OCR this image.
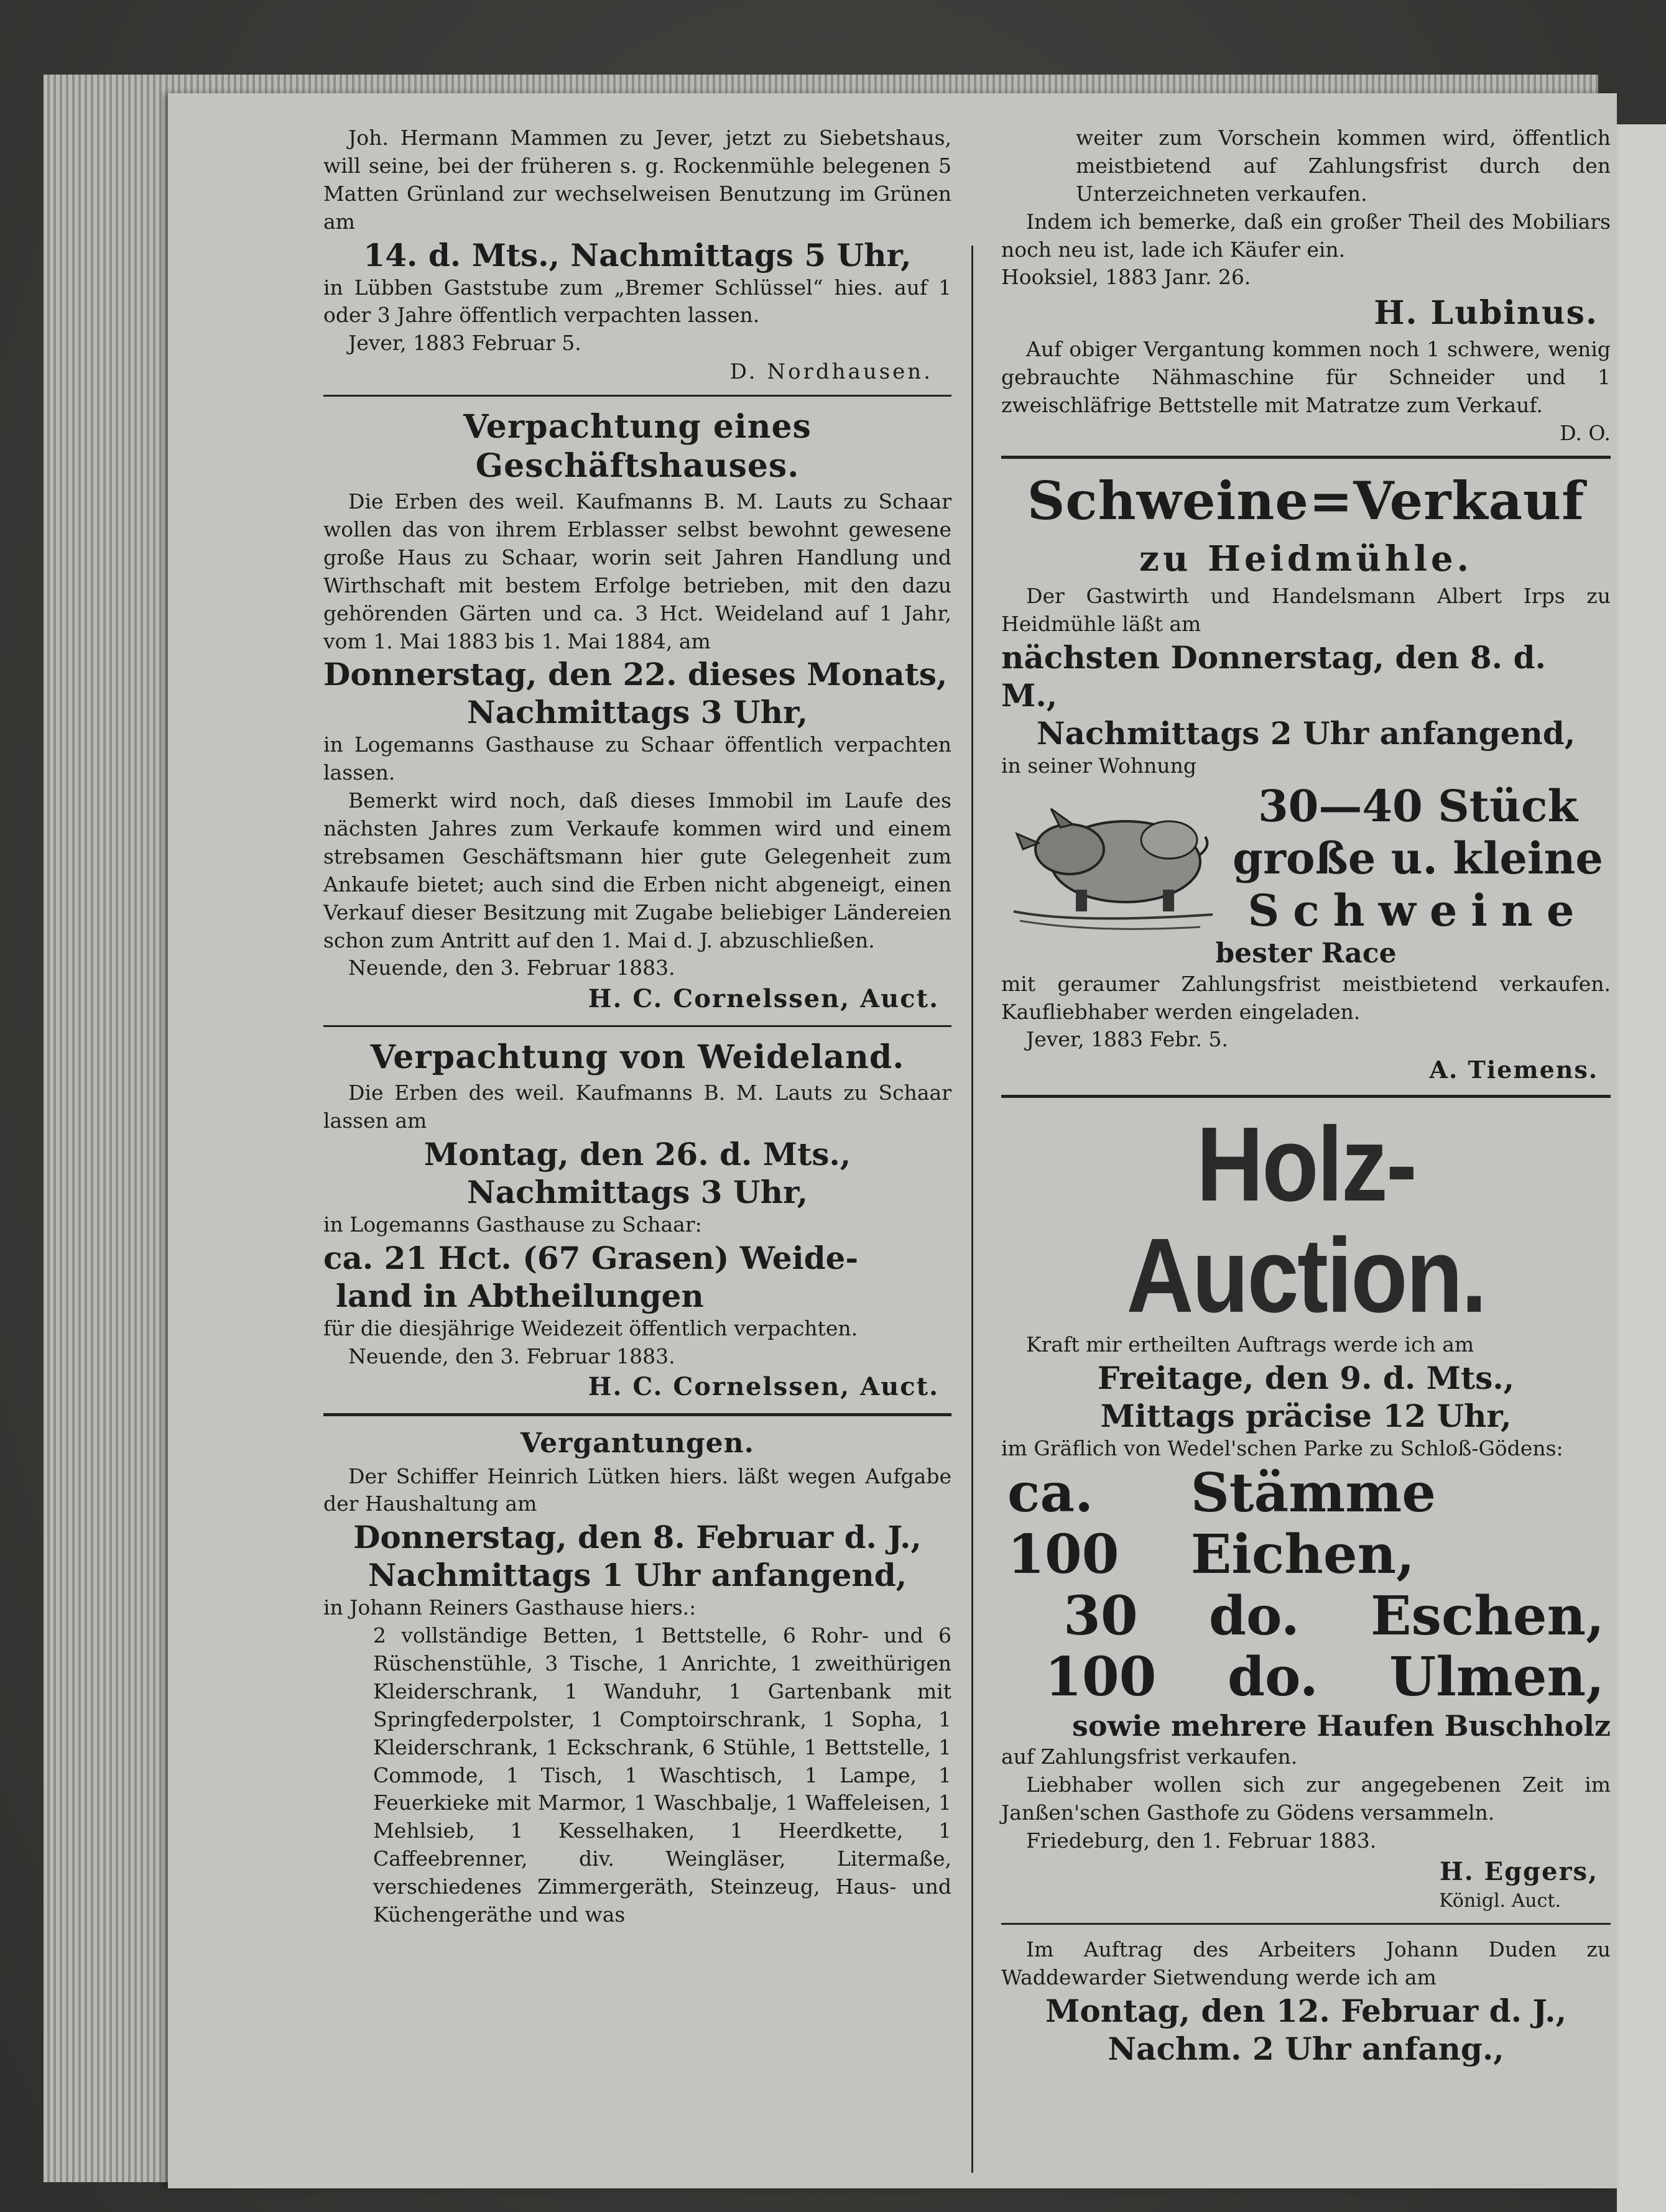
Joh. Hermann Mammen zu Jever, jetzt zu Siebetshaus, will seine, bei der früheren s. g. Rockenmühle belegenen 5 Matten Grünland zur wechselweisen Benutzung im Grünen am

14. d. Mts., Nachmittags 5 Uhr,

in Lübben Gaststube zum „Bremer Schlüssel“ hies. auf 1 oder 3 Jahre öffentlich verpachten lassen.

Jever, 1883 Februar 5.

D. Nordhausen.

Verpachtung eines Geschäftshauses.

Die Erben des weil. Kaufmanns B. M. Lauts zu Schaar wollen das von ihrem Erblasser selbst bewohnt gewesene große Haus zu Schaar, worin seit Jahren Handlung und Wirthschaft mit bestem Erfolge betrieben, mit den dazu gehörenden Gärten und ca. 3 Hct. Weideland auf 1 Jahr, vom 1. Mai 1883 bis 1. Mai 1884, am

Donnerstag, den 22. dieses Monats,

Nachmittags 3 Uhr,

in Logemanns Gasthause zu Schaar öffentlich verpachten lassen.

Bemerkt wird noch, daß dieses Immobil im Laufe des nächsten Jahres zum Verkaufe kommen wird und einem strebsamen Geschäftsmann hier gute Gelegenheit zum Ankaufe bietet; auch sind die Erben nicht abgeneigt, einen Verkauf dieser Besitzung mit Zugabe beliebiger Ländereien schon zum Antritt auf den 1. Mai d. J. abzuschließen.

Neuende, den 3. Februar 1883.

H. C. Cornelssen, Auct.

Verpachtung von Weideland.

Die Erben des weil. Kaufmanns B. M. Lauts zu Schaar lassen am

Montag, den 26. d. Mts.,

Nachmittags 3 Uhr,

in Logemanns Gasthause zu Schaar:

ca. 21 Hct. (67 Grasen) Weide-

land in Abtheilungen

für die diesjährige Weidezeit öffentlich verpachten.

Neuende, den 3. Februar 1883.

H. C. Cornelssen, Auct.

Vergantungen.

Der Schiffer Heinrich Lütken hiers. läßt wegen Aufgabe der Haushaltung am

Donnerstag, den 8. Februar d. J.,

Nachmittags 1 Uhr anfangend,

in Johann Reiners Gasthause hiers.:

2 vollständige Betten, 1 Bettstelle, 6 Rohr- und 6 Rüschenstühle, 3 Tische, 1 Anrichte, 1 zweithürigen Kleiderschrank, 1 Wanduhr, 1 Gartenbank mit Springfederpolster, 1 Comptoirschrank, 1 Sopha, 1 Kleiderschrank, 1 Eckschrank, 6 Stühle, 1 Bettstelle, 1 Commode, 1 Tisch, 1 Waschtisch, 1 Lampe, 1 Feuerkieke mit Marmor, 1 Waschbalje, 1 Waffeleisen, 1 Mehlsieb, 1 Kesselhaken, 1 Heerdkette, 1 Caffeebrenner, div. Weingläser, Litermaße, verschiedenes Zimmergeräth, Steinzeug, Haus- und Küchengeräthe und was

weiter zum Vorschein kommen wird, öffentlich meistbietend auf Zahlungsfrist durch den Unterzeichneten verkaufen.

Indem ich bemerke, daß ein großer Theil des Mobiliars noch neu ist, lade ich Käufer ein.

Hooksiel, 1883 Janr. 26.

H. Lubinus.

Auf obiger Vergantung kommen noch 1 schwere, wenig gebrauchte Nähmaschine für Schneider und 1 zweischläfrige Bettstelle mit Matratze zum Verkauf.

D. O.

Schweine=Verkauf

zu Heidmühle.

Der Gastwirth und Handelsmann Albert Irps zu Heidmühle läßt am

nächsten Donnerstag, den 8. d. M.,

Nachmittags 2 Uhr anfangend,

in seiner Wohnung

30—40 Stück

große u. kleine

Schweine

bester Race

mit geraumer Zahlungsfrist meistbietend verkaufen. Kaufliebhaber werden eingeladen.

Jever, 1883 Febr. 5.

A. Tiemens.

Holz-Auction.

Kraft mir ertheilten Auftrags werde ich am

Freitage, den 9. d. Mts.,

Mittags präcise 12 Uhr,

im Gräflich von Wedel'schen Parke zu Schloß-Gödens:

ca. 100
Stämme Eichen,
30 do. Eschen,
100 do. Ulmen,

sowie mehrere Haufen Buschholz

auf Zahlungsfrist verkaufen.

Liebhaber wollen sich zur angegebenen Zeit im Janßen'schen Gasthofe zu Gödens versammeln.

Friedeburg, den 1. Februar 1883.

H. Eggers,

Königl. Auct.

Im Auftrag des Arbeiters Johann Duden zu Waddewarder Sietwendung werde ich am

Montag, den 12. Februar d. J.,

Nachm. 2 Uhr anfang.,
